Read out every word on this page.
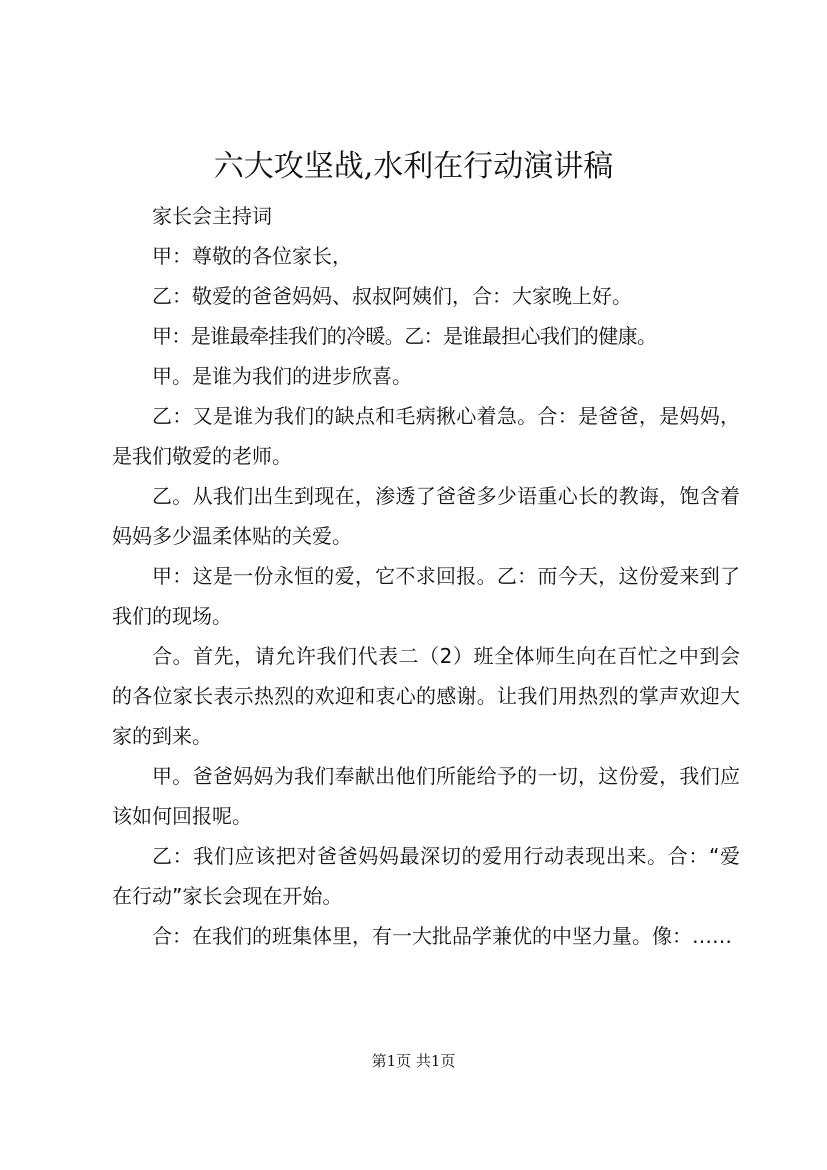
六大攻坚战,水利在行动演讲稿

家长会主持词

甲：尊敬的各位家长，

乙：敬爱的爸爸妈妈、叔叔阿姨们，合：大家晚上好。

甲：是谁最牵挂我们的冷暖。乙：是谁最担心我们的健康。

甲。是谁为我们的进步欣喜。

乙：又是谁为我们的缺点和毛病揪心着急。合：是爸爸，是妈妈，是我们敬爱的老师。

乙。从我们出生到现在，渗透了爸爸多少语重心长的教诲，饱含着妈妈多少温柔体贴的关爱。

甲：这是一份永恒的爱，它不求回报。乙：而今天，这份爱来到了我们的现场。

合。首先，请允许我们代表二（2）班全体师生向在百忙之中到会的各位家长表示热烈的欢迎和衷心的感谢。让我们用热烈的掌声欢迎大家的到来。

甲。爸爸妈妈为我们奉献出他们所能给予的一切，这份爱，我们应该如何回报呢。

乙：我们应该把对爸爸妈妈最深切的爱用行动表现出来。合：“爱在行动”家长会现在开始。

合：在我们的班集体里，有一大批品学兼优的中坚力量。像：……

第1页 共1页
